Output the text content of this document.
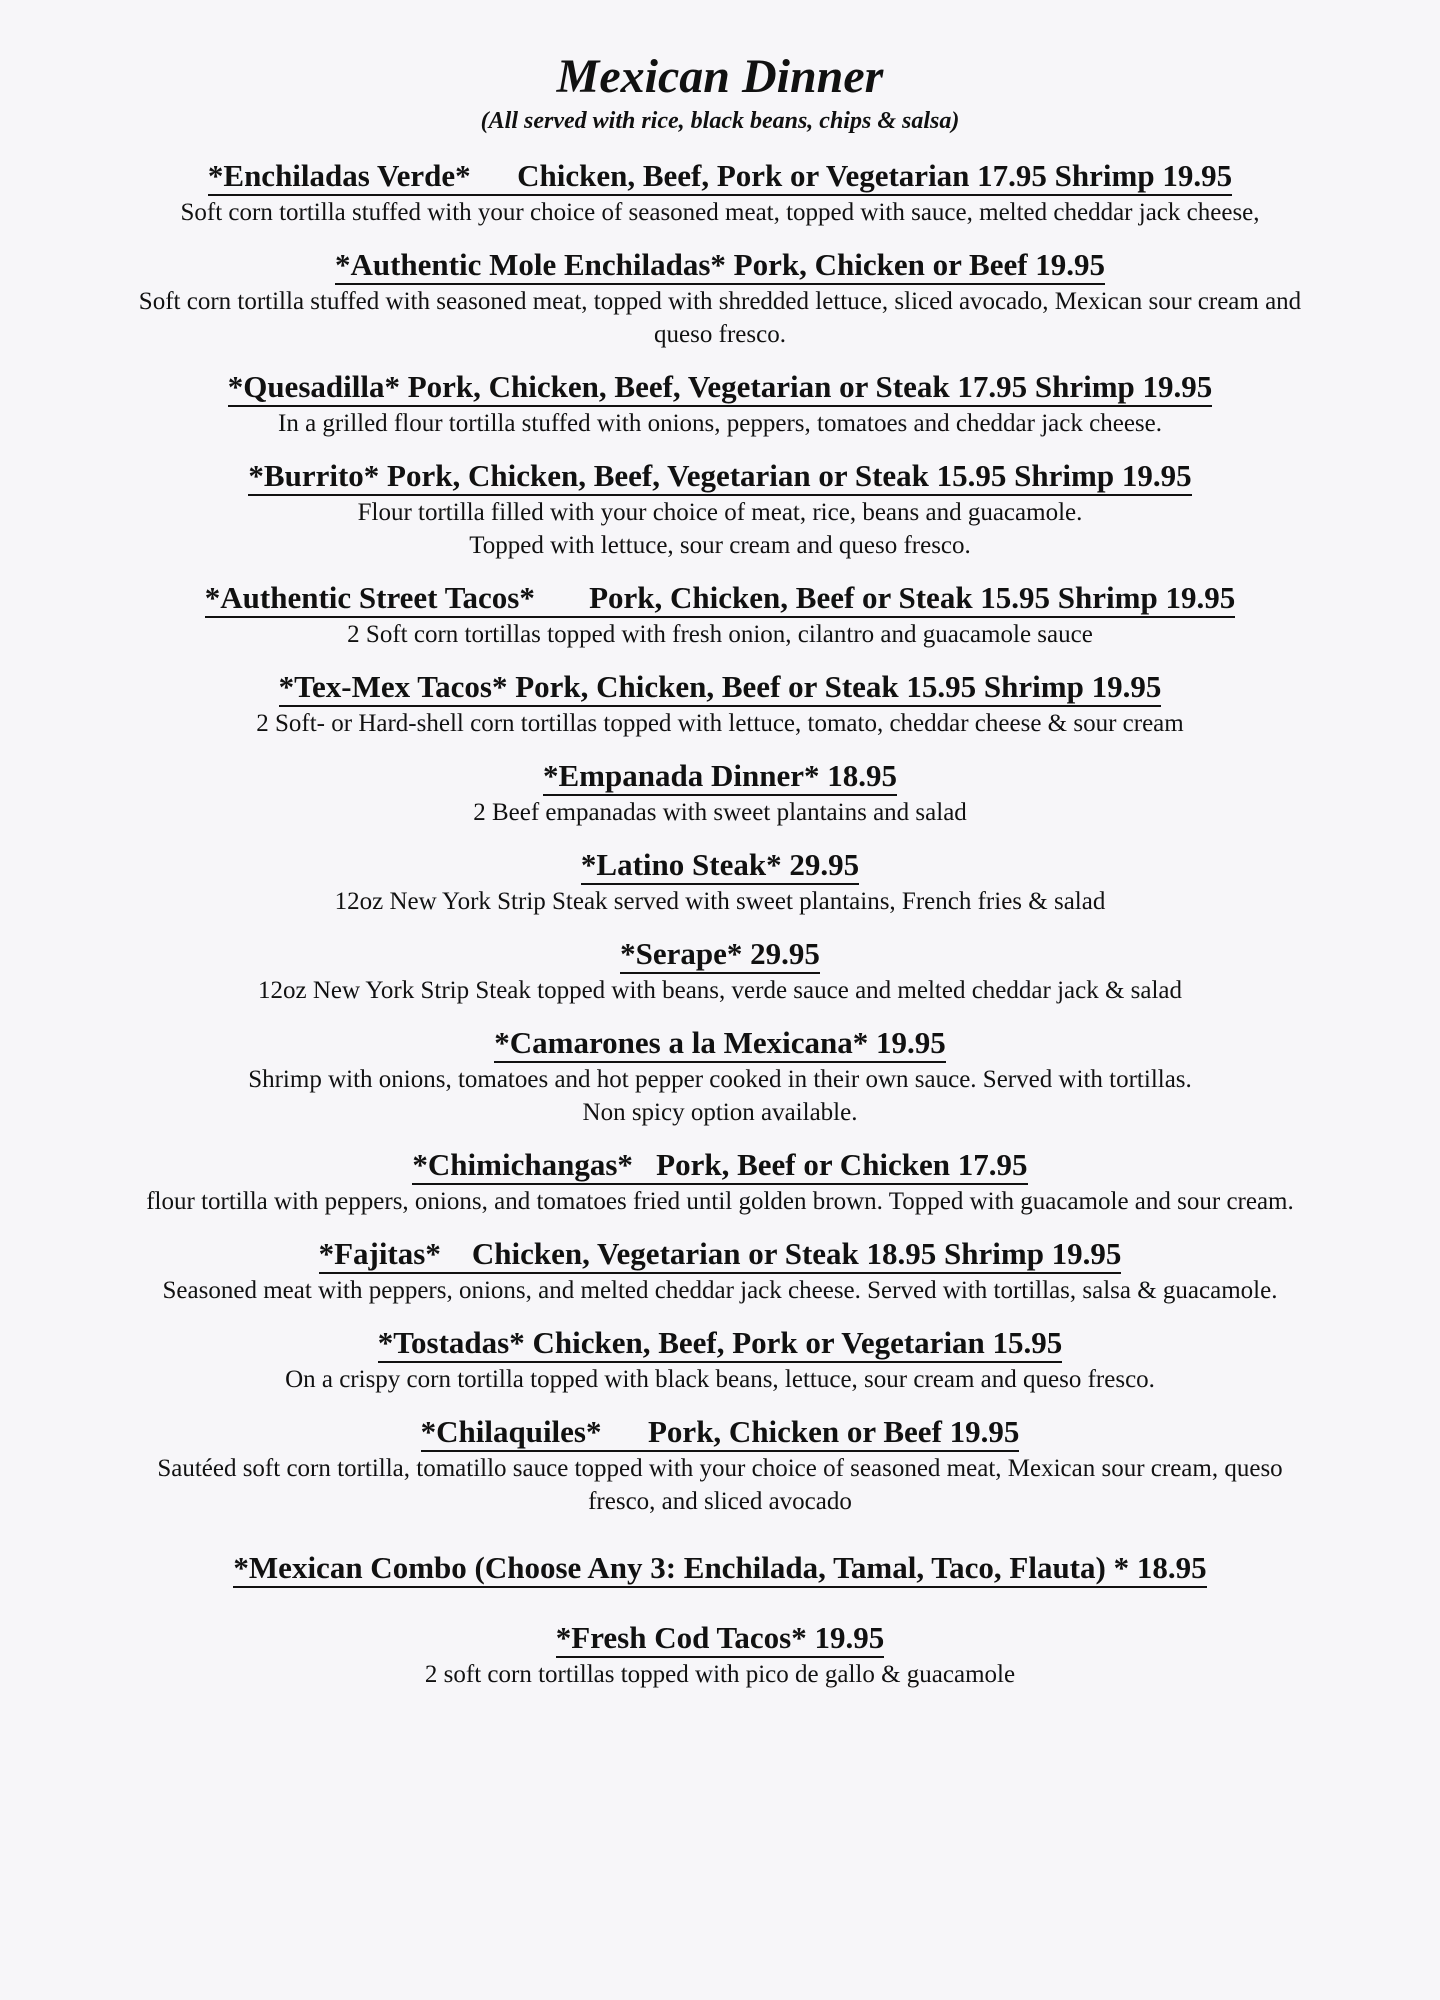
Mexican Dinner
(All served with rice, black beans, chips & salsa)
*Enchiladas Verde*      Chicken, Beef, Pork or Vegetarian 17.95 Shrimp 19.95
Soft corn tortilla stuffed with your choice of seasoned meat, topped with sauce, melted cheddar jack cheese,
*Authentic Mole Enchiladas* Pork, Chicken or Beef 19.95
Soft corn tortilla stuffed with seasoned meat, topped with shredded lettuce, sliced avocado, Mexican sour cream and
queso fresco.
*Quesadilla* Pork, Chicken, Beef, Vegetarian or Steak 17.95 Shrimp 19.95
In a grilled flour tortilla stuffed with onions, peppers, tomatoes and cheddar jack cheese.
*Burrito* Pork, Chicken, Beef, Vegetarian or Steak 15.95 Shrimp 19.95
Flour tortilla filled with your choice of meat, rice, beans and guacamole.
Topped with lettuce, sour cream and queso fresco.
*Authentic Street Tacos*       Pork, Chicken, Beef or Steak 15.95 Shrimp 19.95
2 Soft corn tortillas topped with fresh onion, cilantro and guacamole sauce
*Tex-Mex Tacos* Pork, Chicken, Beef or Steak 15.95 Shrimp 19.95
2 Soft- or Hard-shell corn tortillas topped with lettuce, tomato, cheddar cheese & sour cream
*Empanada Dinner* 18.95
2 Beef empanadas with sweet plantains and salad
*Latino Steak* 29.95
12oz New York Strip Steak served with sweet plantains, French fries & salad
*Serape* 29.95
12oz New York Strip Steak topped with beans, verde sauce and melted cheddar jack & salad
*Camarones a la Mexicana* 19.95
Shrimp with onions, tomatoes and hot pepper cooked in their own sauce. Served with tortillas.
Non spicy option available.
*Chimichangas*   Pork, Beef or Chicken 17.95
flour tortilla with peppers, onions, and tomatoes fried until golden brown. Topped with guacamole and sour cream.
*Fajitas*    Chicken, Vegetarian or Steak 18.95 Shrimp 19.95
Seasoned meat with peppers, onions, and melted cheddar jack cheese. Served with tortillas, salsa & guacamole.
*Tostadas* Chicken, Beef, Pork or Vegetarian 15.95
On a crispy corn tortilla topped with black beans, lettuce, sour cream and queso fresco.
*Chilaquiles*      Pork, Chicken or Beef 19.95
Sautéed soft corn tortilla, tomatillo sauce topped with your choice of seasoned meat, Mexican sour cream, queso
fresco, and sliced avocado
*Mexican Combo (Choose Any 3: Enchilada, Tamal, Taco, Flauta) * 18.95
*Fresh Cod Tacos* 19.95
2 soft corn tortillas topped with pico de gallo & guacamole
